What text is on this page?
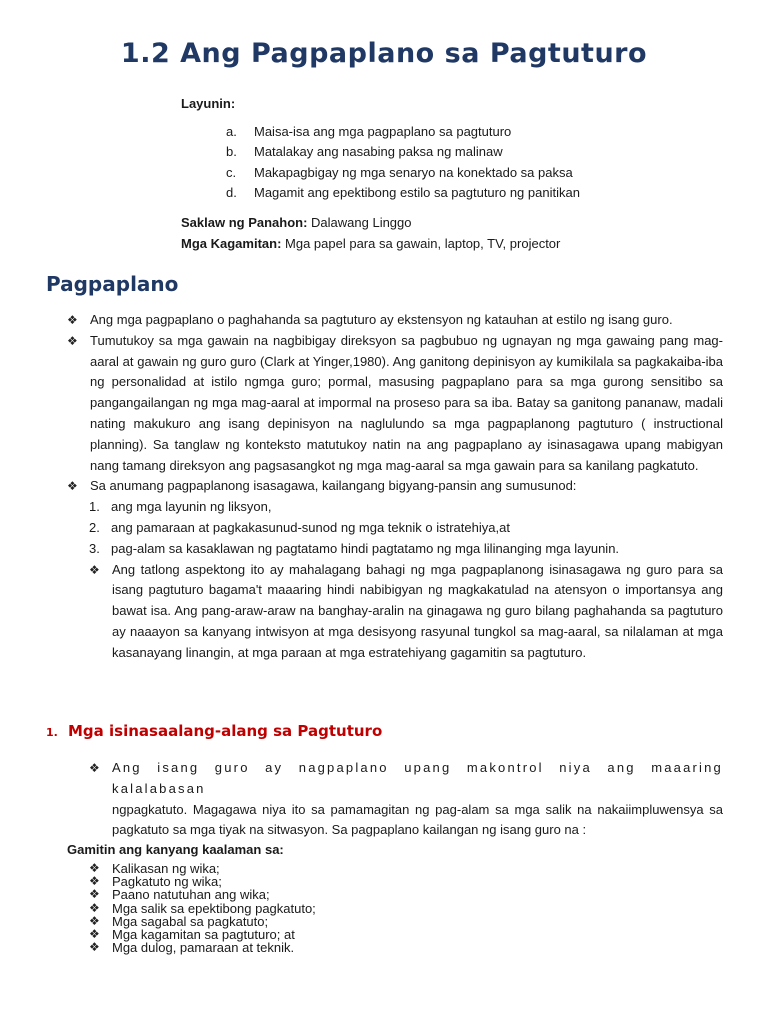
1.2 Ang Pagpaplano sa Pagtuturo

Layunin:

a.	Maisa-isa ang mga pagpaplano sa pagtuturo
b.	Matalakay ang nasabing paksa ng malinaw
c.	Makapagbigay ng mga senaryo na konektado sa paksa
d.	Magamit ang epektibong estilo sa pagtuturo ng panitikan
Saklaw ng Panahon: Dalawang Linggo
Mga Kagamitan: Mga papel para sa gawain, laptop, TV, projector
Pagpaplano
❖ Ang mga pagpaplano o paghahanda sa pagtuturo ay ekstensyon ng katauhan at estilo ng isang guro.
❖ Tumutukoy sa mga gawain na nagbibigay direksyon sa pagbubuo ng ugnayan ng mga gawaing pang mag-aaral at gawain ng guro guro (Clark at Yinger,1980). Ang ganitong depinisyon ay kumikilala sa pagkakaiba-iba ng personalidad at istilo ngmga guro; pormal, masusing pagpaplano para sa mga gurong sensitibo sa pangangailangan ng mga mag-aaral at impormal na proseso para sa iba. Batay sa ganitong pananaw, madali nating makukuro ang isang depinisyon na naglulundo sa mga pagpaplanong pagtuturo ( instructional planning). Sa tanglaw ng konteksto matutukoy natin na ang pagpaplano ay isinasagawa upang mabigyan nang tamang direksyon ang pagsasangkot ng mga mag-aaral sa mga gawain para sa kanilang pagkatuto.
❖ Sa anumang pagpaplanong isasagawa, kailangang bigyang-pansin ang sumusunod:
1. ang mga layunin ng liksyon,
2. ang pamaraan at pagkakasunud-sunod ng mga teknik o istratehiya,at
3. pag-alam sa kasaklawan ng pagtatamo hindi pagtatamo ng mga lilinanging mga layunin.
❖ Ang tatlong aspektong ito ay mahalagang bahagi ng mga pagpaplanong isinasagawa ng guro para sa isang pagtuturo bagama't maaaring hindi nabibigyan ng magkakatulad na atensyon o importansya ang bawat isa. Ang pang-araw-araw na banghay-aralin na ginagawa ng guro bilang paghahanda sa pagtuturo ay naaayon sa kanyang intwisyon at mga desisyong rasyunal tungkol sa mag-aaral, sa nilalaman at mga kasanayang linangin, at mga paraan at mga estratehiyang gagamitin sa pagtuturo.
1. Mga isinasaalang-alang sa Pagtuturo
❖ Ang isang guro ay nagpaplano upang makontrol niya ang maaaring kalalabasan
ngpagkatuto. Magagawa niya ito sa pamamagitan ng pag-alam sa mga salik na nakaiimpluwensya sa pagkatuto sa mga tiyak na sitwasyon. Sa pagpaplano kailangan ng isang guro na :

Gamitin ang kanyang kaalaman sa:

❖ Kalikasan ng wika;
❖ Pagkatuto ng wika;
❖ Paano natutuhan ang wika;
❖ Mga salik sa epektibong pagkatuto;
❖ Mga sagabal sa pagkatuto;
❖ Mga kagamitan sa pagtuturo; at
❖ Mga dulog, pamaraan at teknik.
